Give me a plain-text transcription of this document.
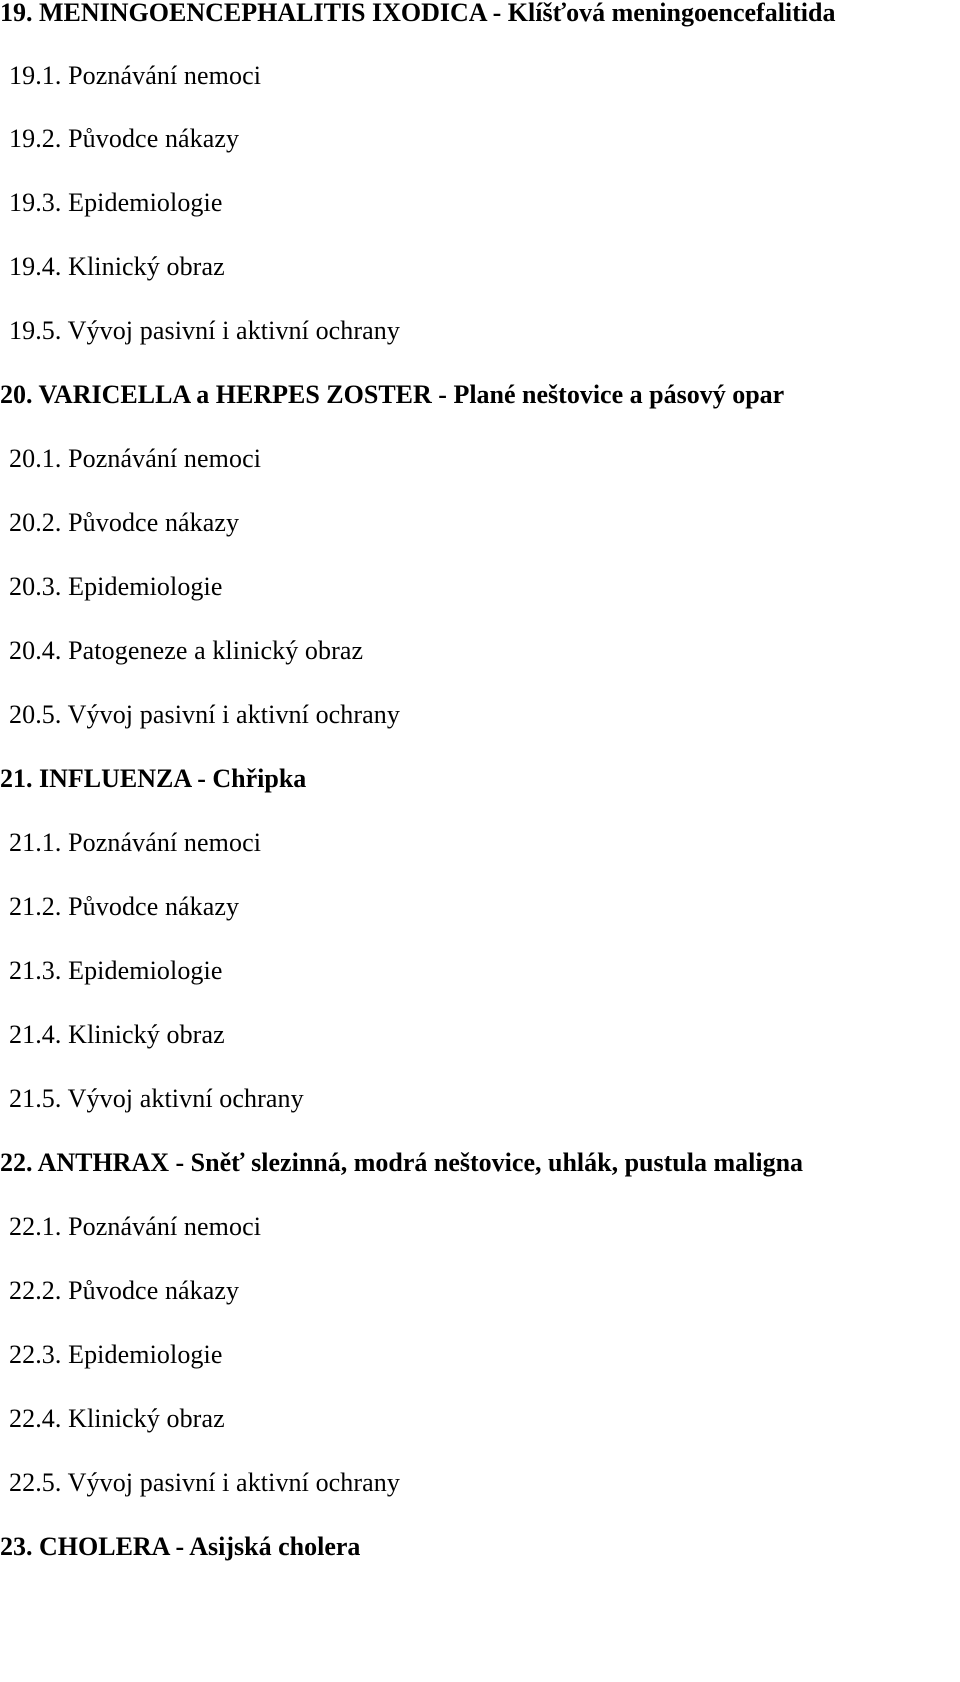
19. MENINGOENCEPHALITIS IXODICA - Klíšťová meningoencefalitida
19.1. Poznávání nemoci
19.2. Původce nákazy
19.3. Epidemiologie
19.4. Klinický obraz
19.5. Vývoj pasivní i aktivní ochrany
20. VARICELLA a HERPES ZOSTER - Plané neštovice a pásový opar
20.1. Poznávání nemoci
20.2. Původce nákazy
20.3. Epidemiologie
20.4. Patogeneze a klinický obraz
20.5. Vývoj pasivní i aktivní ochrany
21. INFLUENZA - Chřipka
21.1. Poznávání nemoci
21.2. Původce nákazy
21.3. Epidemiologie
21.4. Klinický obraz
21.5. Vývoj aktivní ochrany
22. ANTHRAX - Sněť slezinná, modrá neštovice, uhlák, pustula maligna
22.1. Poznávání nemoci
22.2. Původce nákazy
22.3. Epidemiologie
22.4. Klinický obraz
22.5. Vývoj pasivní i aktivní ochrany
23. CHOLERA - Asijská cholera
